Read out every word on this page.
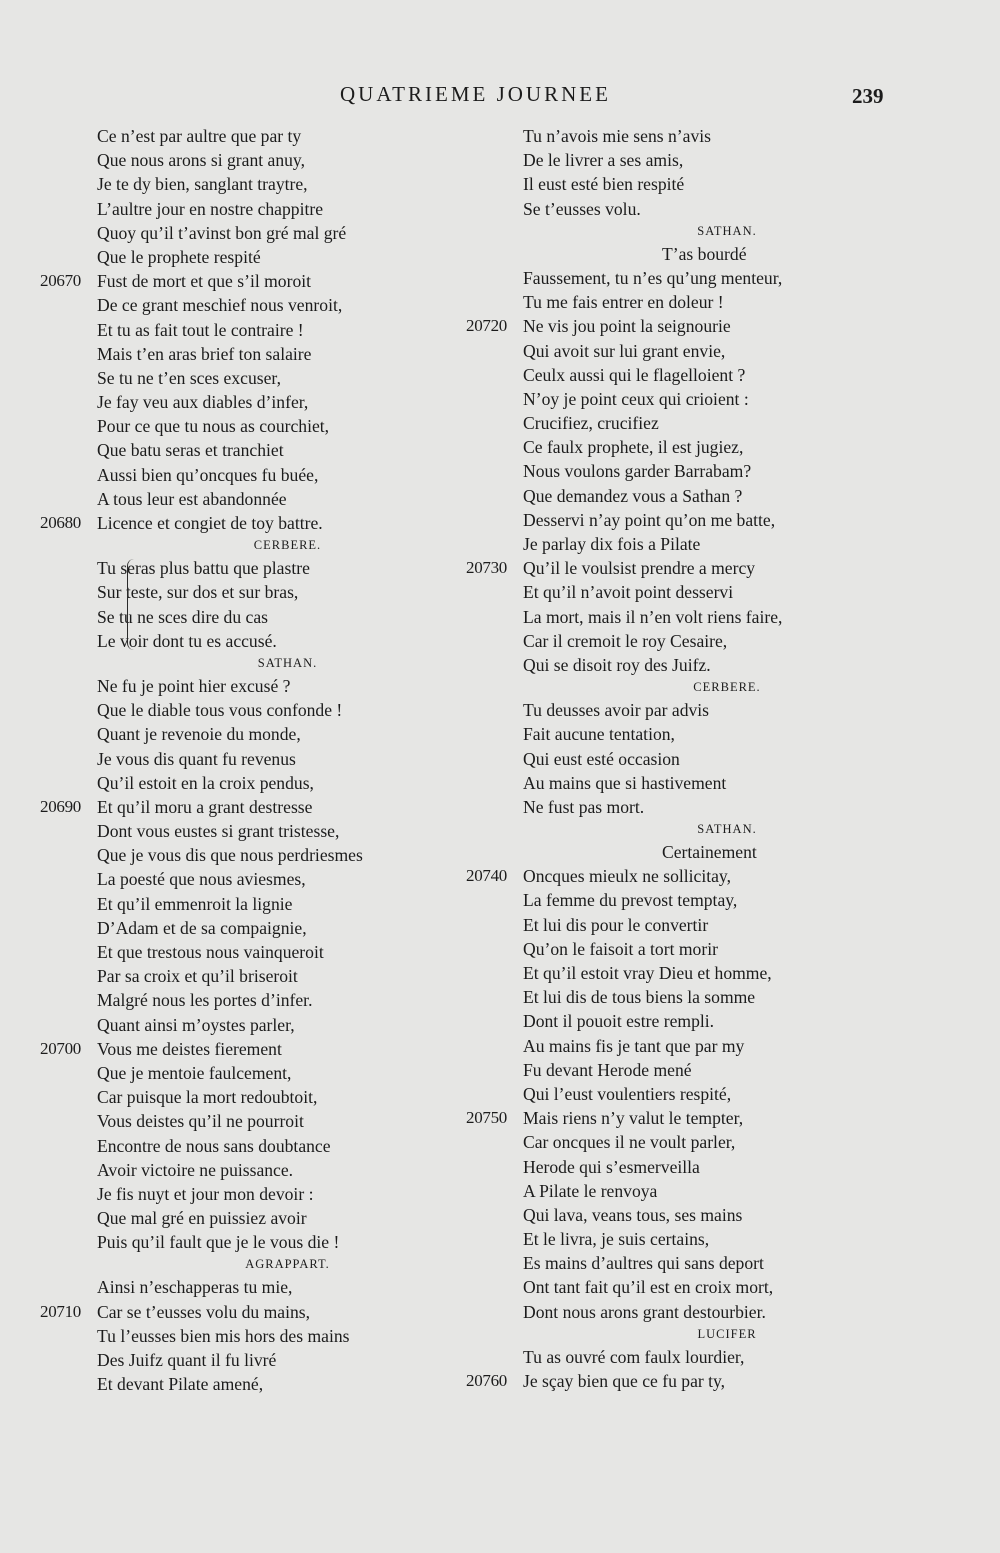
QUATRIEME JOURNEE	239
Ce n’est par aultre que par ty
Que nous arons si grant anuy,
Je te dy bien, sanglant traytre,
L’aultre jour en nostre chappitre
Quoy qu’il t’avinst bon gré mal gré
Que le prophete respité
20670 Fust de mort et que s’il moroit
De ce grant meschief nous venroit,
Et tu as fait tout le contraire !
Mais t’en aras brief ton salaire
Se tu ne t’en sces excuser,
Je fay veu aux diables d’infer,
Pour ce que tu nous as courchiet,
Que batu seras et tranchiet
Aussi bien qu’oncques fu buée,
A tous leur est abandonnée
20680 Licence et congiet de toy battre.
CERBERE.
Tu seras plus battu que plastre
Sur teste, sur dos et sur bras,
Se tu ne sces dire du cas
Le voir dont tu es accusé.
SATHAN.
Ne fu je point hier excusé ?
Que le diable tous vous confonde !
Quant je revenoie du monde,
Je vous dis quant fu revenus
Qu’il estoit en la croix pendus,
20690 Et qu’il moru a grant destresse
Dont vous eustes si grant tristesse,
Que je vous dis que nous perdriesmes
La poesté que nous aviesmes,
Et qu’il emmenroit la lignie
D’Adam et de sa compaignie,
Et que trestous nous vainqueroit
Par sa croix et qu’il briseroit
Malgré nous les portes d’infer.
Quant ainsi m’oystes parler,
20700 Vous me deistes fierement
Que je mentoie faulcement,
Car puisque la mort redoubtoit,
Vous deistes qu’il ne pourroit
Encontre de nous sans doubtance
Avoir victoire ne puissance.
Je fis nuyt et jour mon devoir :
Que mal gré en puissiez avoir
Puis qu’il fault que je le vous die !
AGRAPPART.
Ainsi n’eschapperas tu mie,
20710 Car se t’eusses volu du mains,
Tu l’eusses bien mis hors des mains
Des Juifz quant il fu livré
Et devant Pilate amené,
Tu n’avois mie sens n’avis
De le livrer a ses amis,
Il eust esté bien respité
Se t’eusses volu.
SATHAN.
T’as bourdé
Faussement, tu n’es qu’ung menteur,
Tu me fais entrer en doleur !
20720 Ne vis jou point la seignourie
Qui avoit sur lui grant envie,
Ceulx aussi qui le flagelloient ?
N’oy je point ceux qui crioient :
Crucifiez, crucifiez
Ce faulx prophete, il est jugiez,
Nous voulons garder Barrabam?
Que demandez vous a Sathan ?
Desservi n’ay point qu’on me batte,
Je parlay dix fois a Pilate
20730 Qu’il le voulsist prendre a mercy
Et qu’il n’avoit point desservi
La mort, mais il n’en volt riens faire,
Car il cremoit le roy Cesaire,
Qui se disoit roy des Juifz.
CERBERE.
Tu deusses avoir par advis
Fait aucune tentation,
Qui eust esté occasion
Au mains que si hastivement
Ne fust pas mort.
SATHAN.
Certainement
20740 Oncques mieulx ne sollicitay,
La femme du prevost temptay,
Et lui dis pour le convertir
Qu’on le faisoit a tort morir
Et qu’il estoit vray Dieu et homme,
Et lui dis de tous biens la somme
Dont il pouoit estre rempli.
Au mains fis je tant que par my
Fu devant Herode mené
Qui l’eust voulentiers respité,
20750 Mais riens n’y valut le tempter,
Car oncques il ne voult parler,
Herode qui s’esmerveilla
A Pilate le renvoya
Qui lava, veans tous, ses mains
Et le livra, je suis certains,
Es mains d’aultres qui sans deport
Ont tant fait qu’il est en croix mort,
Dont nous arons grant destourbier.
LUCIFER
Tu as ouvré com faulx lourdier,
20760 Je sçay bien que ce fu par ty,
